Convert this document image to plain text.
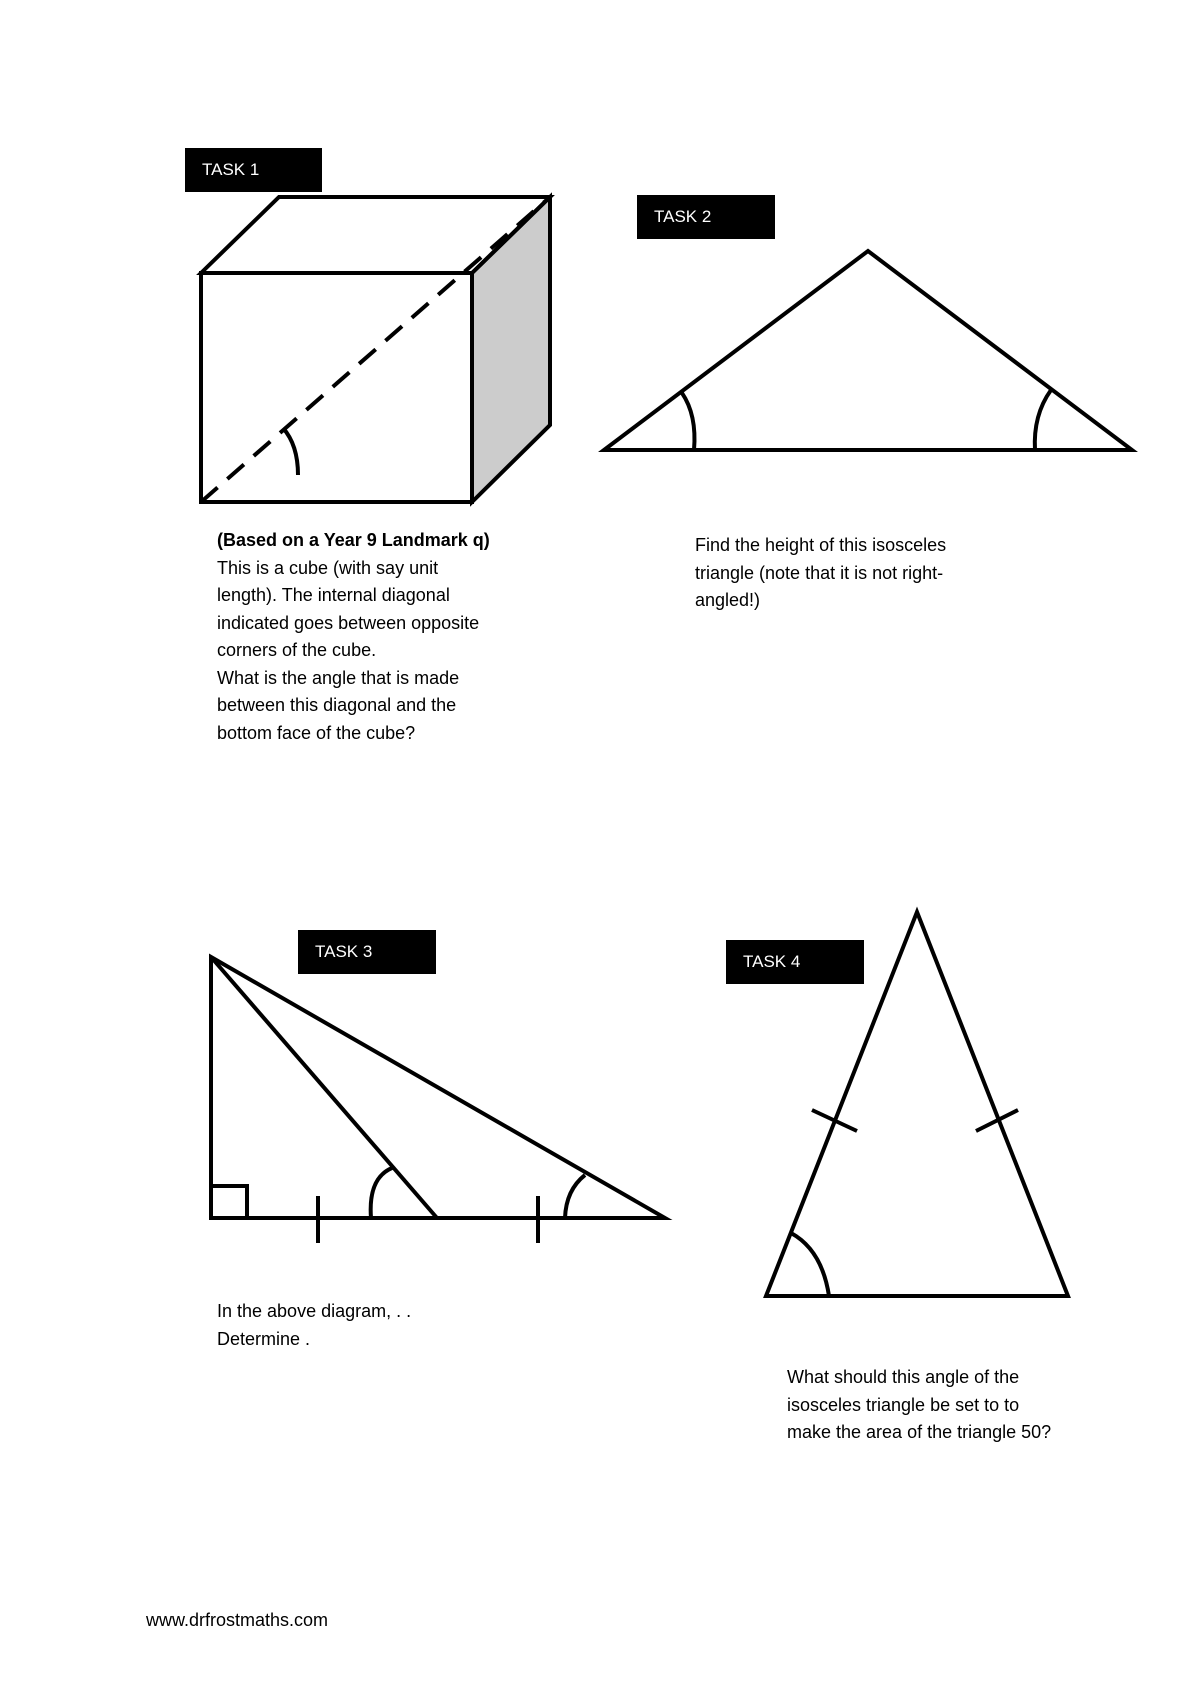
TASK 1
TASK 2
TASK 3
TASK 4

(Based on a Year 9 Landmark q)

This is a cube (with say unit

length). The internal diagonal

indicated goes between opposite

corners of the cube.

What is the angle that is made

between this diagonal and the

bottom face of the cube?

Find the height of this isosceles

triangle (note that it is not right-

angled!)

In the above diagram, . .

Determine .

What should this angle of the

isosceles triangle be set to to

make the area of the triangle 50?

www.drfrostmaths.com
